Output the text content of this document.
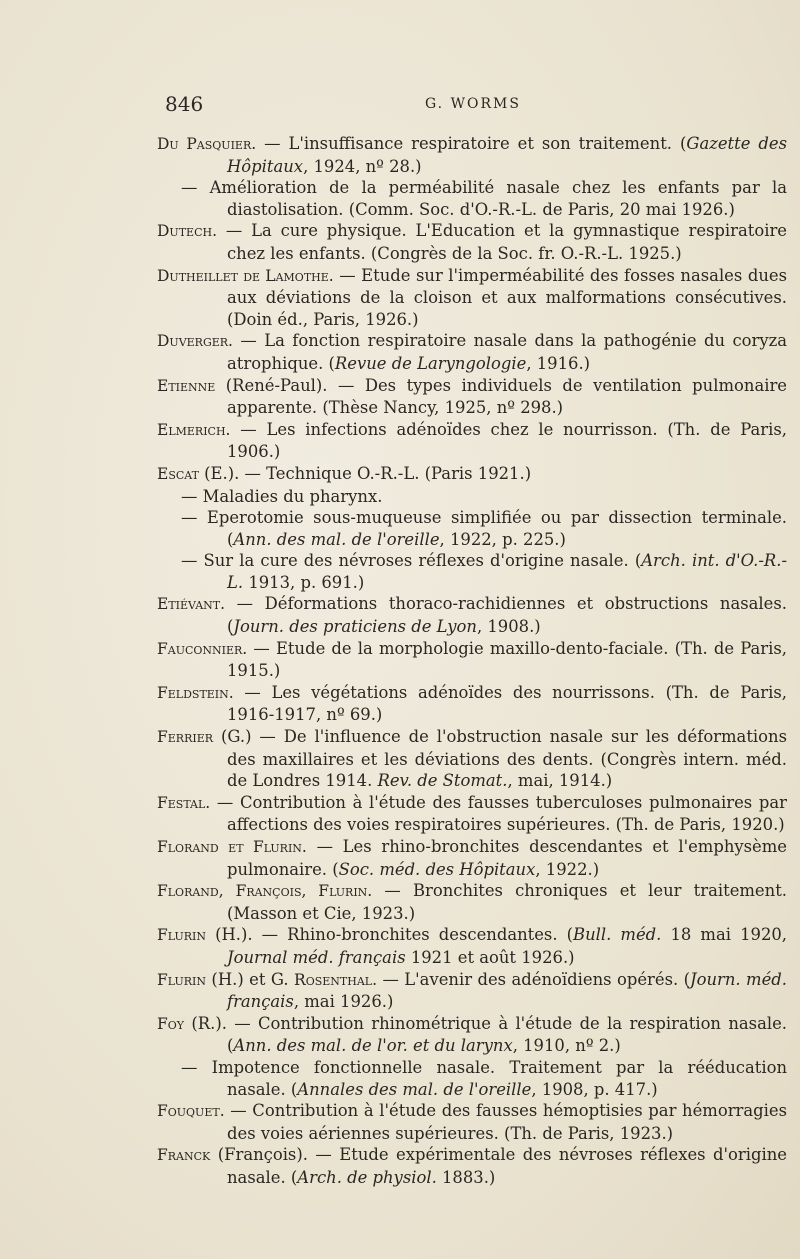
846	G. WORMS

Du Pasquier. — L'insuffisance respiratoire et son traitement. (Gazette des Hôpitaux, 1924, nº 28.)

— Amélioration de la perméabilité nasale chez les enfants par la diastolisation. (Comm. Soc. d'O.-R.-L. de Paris, 20 mai 1926.)

Dutech. — La cure physique. L'Education et la gymnastique respiratoire chez les enfants. (Congrès de la Soc. fr. O.-R.-L. 1925.)

Dutheillet de Lamothe. — Etude sur l'imperméabilité des fosses nasales dues aux déviations de la cloison et aux malformations consécutives. (Doin éd., Paris, 1926.)

Duverger. — La fonction respiratoire nasale dans la pathogénie du coryza atrophique. (Revue de Laryngologie, 1916.)

Etienne (René-Paul). — Des types individuels de ventilation pulmonaire apparente. (Thèse Nancy, 1925, nº 298.)

Elmerich. — Les infections adénoïdes chez le nourrisson. (Th. de Paris, 1906.)

Escat (E.). — Technique O.-R.-L. (Paris 1921.)

— Maladies du pharynx.

— Eperotomie sous-muqueuse simplifiée ou par dissection terminale. (Ann. des mal. de l'oreille, 1922, p. 225.)

— Sur la cure des névroses réflexes d'origine nasale. (Arch. int. d'O.-R.-L. 1913, p. 691.)

Etiévant. — Déformations thoraco-rachidiennes et obstructions nasales. (Journ. des praticiens de Lyon, 1908.)

Fauconnier. — Etude de la morphologie maxillo-dento-faciale. (Th. de Paris, 1915.)

Feldstein. — Les végétations adénoïdes des nourrissons. (Th. de Paris, 1916-1917, nº 69.)

Ferrier (G.) — De l'influence de l'obstruction nasale sur les déformations des maxillaires et les déviations des dents. (Congrès intern. méd. de Londres 1914. Rev. de Stomat., mai, 1914.)

Festal. — Contribution à l'étude des fausses tuberculoses pulmonaires par affections des voies respiratoires supérieures. (Th. de Paris, 1920.)

Florand et Flurin. — Les rhino-bronchites descendantes et l'emphysème pulmonaire. (Soc. méd. des Hôpitaux, 1922.)

Florand, François, Flurin. — Bronchites chroniques et leur traitement. (Masson et Cie, 1923.)

Flurin (H.). — Rhino-bronchites descendantes. (Bull. méd. 18 mai 1920, Journal méd. français 1921 et août 1926.)

Flurin (H.) et G. Rosenthal. — L'avenir des adénoïdiens opérés. (Journ. méd. français, mai 1926.)

Foy (R.). — Contribution rhinométrique à l'étude de la respiration nasale. (Ann. des mal. de l'or. et du larynx, 1910, nº 2.)

— Impotence fonctionnelle nasale. Traitement par la rééducation nasale. (Annales des mal. de l'oreille, 1908, p. 417.)

Fouquet. — Contribution à l'étude des fausses hémoptisies par hémorragies des voies aériennes supérieures. (Th. de Paris, 1923.)

Franck (François). — Etude expérimentale des névroses réflexes d'origine nasale. (Arch. de physiol. 1883.)
